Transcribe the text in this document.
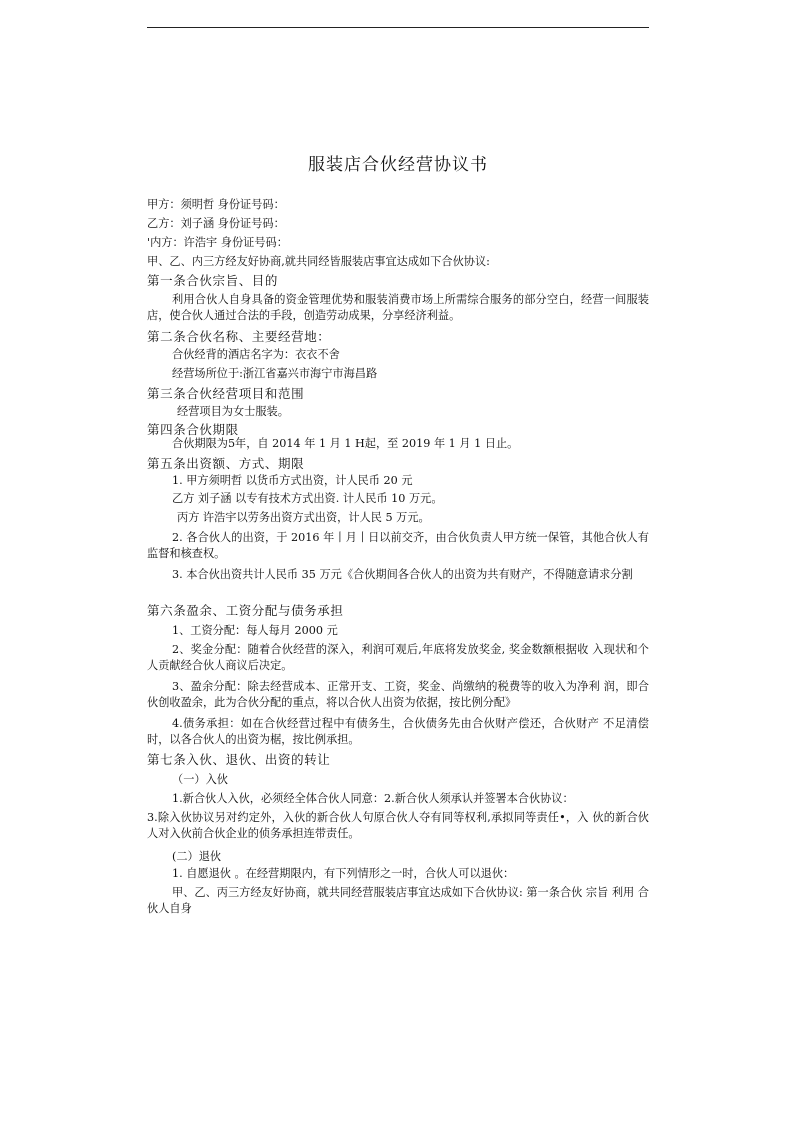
服装店合伙经营协议书
甲方：须明哲 身份证号码：
乙方：刘子涵 身份证号码：
'内方：许浩宇 身份证号码：
甲、乙、内三方经友好协商,就共同经皆服装店事宜达成如下合伙协议:
第一条合伙宗旨、目的
利用合伙人自身具备的资金管理优势和服装消费市场上所需综合服务的部分空白，经营一间服装店，使合伙人通过合法的手段，创造劳动成果，分享经济利益。
第二条合伙名称、主要经营地：
合伙经背的酒店名字为：衣衣不舍
经营场所位于:浙江省嘉兴市海宁市海昌路
第三条合伙经营项目和范围
经营项目为女士服装。
第四条合伙期限
合伙期限为5年，自 2014 年 1 月 1 H起，至 2019 年 1 月 1 日止。
第五条出资额、方式、期限
1. 甲方须明哲 以货币方式出资，计人民币 20 元
乙方 刘子涵 以专有技术方式出资. 计人民币 10 万元。
丙方 许浩宇以劳务出资方式出资，计人民 5 万元。
2. 各合伙人的出资，于 2016 年丨月丨日以前交齐，由合伙负责人甲方统一保管，其他合伙人有监督和核查权。
3. 本合伙出资共计人民币 35 万元《合伙期间各合伙人的出资为共有财产，不得随意请求分割
第六条盈余、工资分配与债务承担
1、工资分配：每人每月 2000 元
2、奖金分配：随着合伙经营的深入，利润可观后,年底将发放奖金, 奖金数额根据收 入现状和个人贡献经合伙人商议后决定。
3、盈余分配：除去经营成本、正常开支、工资，奖金、尚缴纳的税费等的收入为净利 润，即合伙创收盈余，此为合伙分配的重点，将以合伙人出资为依据，按比例分配》
4.债务承担：如在合伙经营过程中有债务生，合伙债务先由合伙财产偿还，合伙财产 不足清偿时，以各合伙人的出资为椐，按比例承担。
第七条入伙、退伙、出资的转让
（一）入伙
1.新合伙人入伙，必须经全体合伙人同意：2.新合伙人须承认并签署本合伙协议：
3.除入伙协议另对约定外，入伙的新合伙人句原合伙人夺有同等权利,承拟同等责任•，入 伙的新合伙人对入伙前合伙企业的侦务承担连带责任。
(二）退伙
1. 自愿退伙 。在经营期限内，有下列情形之一时，合伙人可以退伙：
甲、乙、丙三方经友好协商，就共同经营服装店事宜达成如下合伙协议: 第一条合伙 宗旨 利用 合 伙人自身
